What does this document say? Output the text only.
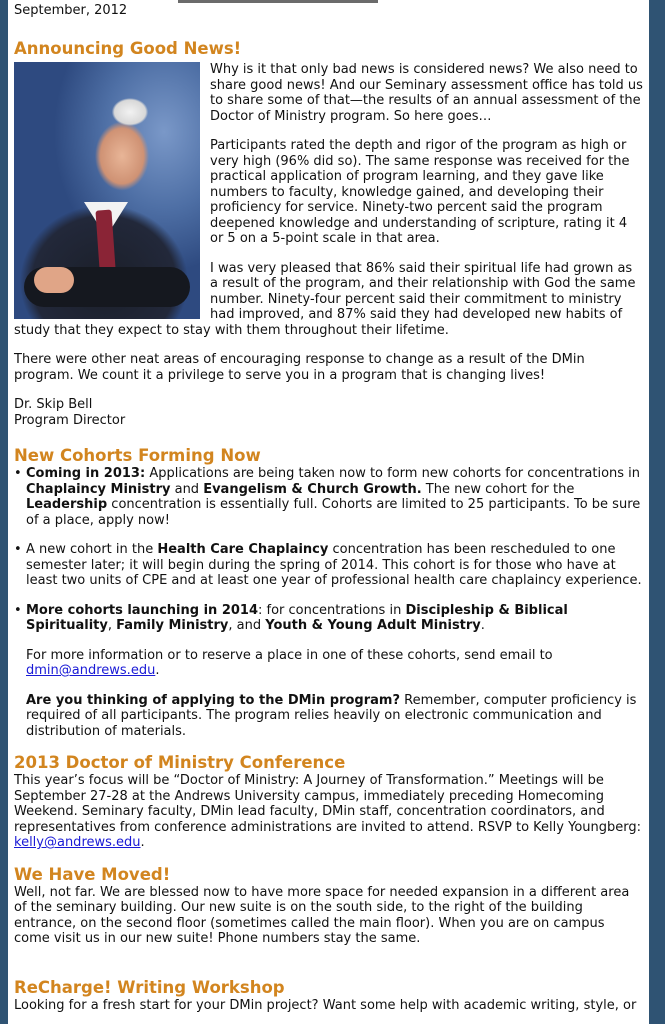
September, 2012
Announcing Good News!

Why is it that only bad news is considered news? We also need to share good news! And our Seminary assessment office has told us to share some of that—the results of an annual assessment of the Doctor of Ministry program. So here goes…

Participants rated the depth and rigor of the program as high or very high (96% did so). The same response was received for the practical application of program learning, and they gave like numbers to faculty, knowledge gained, and developing their proficiency for service. Ninety-two percent said the program deepened knowledge and understanding of scripture, rating it 4 or 5 on a 5-point scale in that area.

I was very pleased that 86% said their spiritual life had grown as a result of the program, and their relationship with God the same number. Ninety-four percent said their commitment to ministry had improved, and 87% said they had developed new habits of study that they expect to stay with them throughout their lifetime.

There were other neat areas of encouraging response to change as a result of the DMin program. We count it a privilege to serve you in a program that is changing lives!

Dr. Skip Bell

Program Director

New Cohorts Forming Now
• Coming in 2013: Applications are being taken now to form new cohorts for concentrations in Chaplaincy Ministry and Evangelism & Church Growth. The new cohort for the Leadership concentration is essentially full. Cohorts are limited to 25 participants. To be sure of a place, apply now!
• A new cohort in the Health Care Chaplaincy concentration has been rescheduled to one semester later; it will begin during the spring of 2014. This cohort is for those who have at least two units of CPE and at least one year of professional health care chaplaincy experience.
• More cohorts launching in 2014: for concentrations in Discipleship & Biblical Spirituality, Family Ministry, and Youth & Young Adult Ministry.
For more information or to reserve a place in one of these cohorts, send email to dmin@andrews.edu.
Are you thinking of applying to the DMin program? Remember, computer proficiency is required of all participants. The program relies heavily on electronic communication and distribution of materials.
2013 Doctor of Ministry Conference

This year’s focus will be “Doctor of Ministry: A Journey of Transformation.” Meetings will be September 27-28 at the Andrews University campus, immediately preceding Homecoming Weekend. Seminary faculty, DMin lead faculty, DMin staff, concentration coordinators, and representatives from conference administrations are invited to attend. RSVP to Kelly Youngberg: kelly@andrews.edu.

We Have Moved!

Well, not far. We are blessed now to have more space for needed expansion in a different area of the seminary building. Our new suite is on the south side, to the right of the building entrance, on the second floor (sometimes called the main floor). When you are on campus come visit us in our new suite! Phone numbers stay the same.

ReCharge! Writing Workshop

Looking for a fresh start for your DMin project? Want some help with academic writing, style, or
